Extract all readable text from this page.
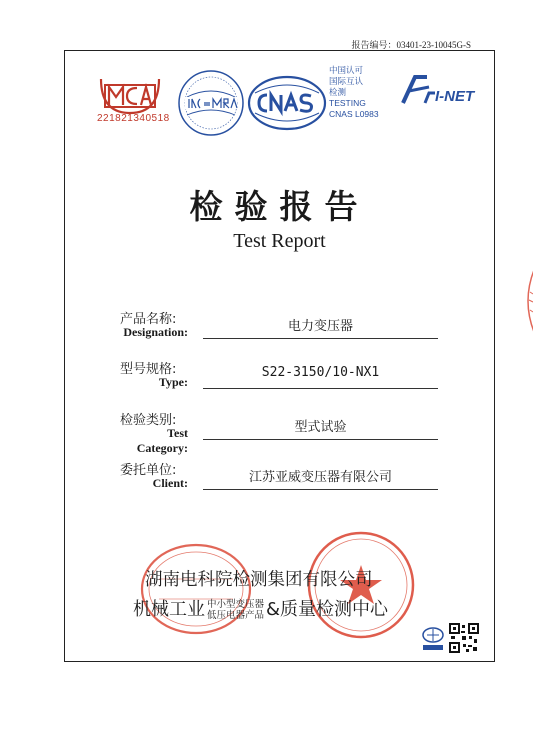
报告编号：03401-23-10045G-S
221821340518
中国认可
国际互认
检测
TESTING
CNAS L0983
I-NET
检验报告
Test Report
产品名称:
Designation:	电力变压器
型号规格:
Type:
S22-3150/10-NX1
检验类别:
Test Category:
型式试验
委托单位:
Client:	江苏亚威变压器有限公司
湖南电科院检测集团有限公司
机械工业 中小型变压器
低压电器产品 &质量检测中心
